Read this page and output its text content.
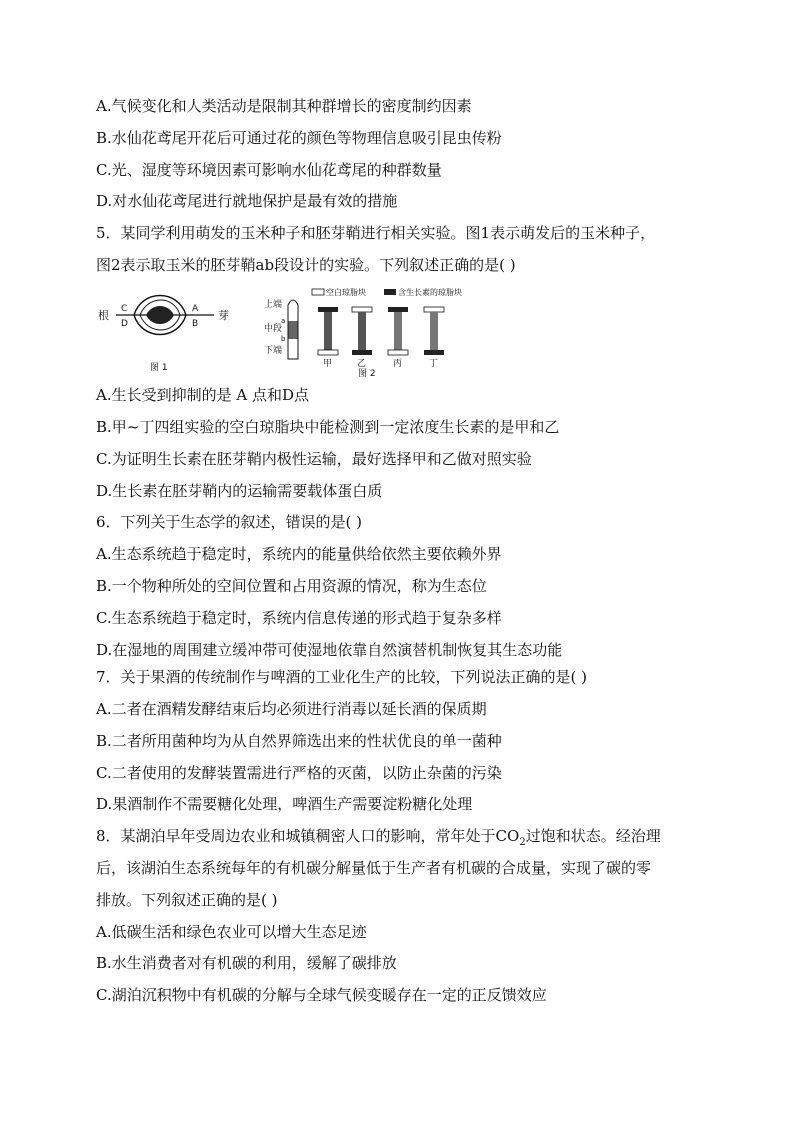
A.气候变化和人类活动是限制其种群增长的密度制约因素
B.水仙花鸢尾开花后可通过花的颜色等物理信息吸引昆虫传粉
C.光、湿度等环境因素可影响水仙花鸢尾的种群数量
D.对水仙花鸢尾进行就地保护是最有效的措施
5．某同学利用萌发的玉米种子和胚芽鞘进行相关实验。图1表示萌发后的玉米种子，
图2表示取玉米的胚芽鞘ab段设计的实验。下列叙述正确的是( )
根	芽
C
D
A
B
图 1
空白琼脂块	含生长素的琼脂块
上端
中段
下端
a
b
甲	乙	丙	丁
图 2
A.生长受到抑制的是 A 点和D点
B.甲~丁四组实验的空白琼脂块中能检测到一定浓度生长素的是甲和乙
C.为证明生长素在胚芽鞘内极性运输，最好选择甲和乙做对照实验
D.生长素在胚芽鞘内的运输需要载体蛋白质
6．下列关于生态学的叙述，错误的是( )
A.生态系统趋于稳定时，系统内的能量供给依然主要依赖外界
B.一个物种所处的空间位置和占用资源的情况，称为生态位
C.生态系统趋于稳定时，系统内信息传递的形式趋于复杂多样
D.在湿地的周围建立缓冲带可使湿地依靠自然演替机制恢复其生态功能
7．关于果酒的传统制作与啤酒的工业化生产的比较，下列说法正确的是( )
A.二者在酒精发酵结束后均必须进行消毒以延长酒的保质期
B.二者所用菌种均为从自然界筛选出来的性状优良的单一菌种
C.二者使用的发酵装置需进行严格的灭菌，以防止杂菌的污染
D.果酒制作不需要糖化处理，啤酒生产需要淀粉糖化处理
8．某湖泊早年受周边农业和城镇稠密人口的影响，常年处于$CO_2$过饱和状态。经治理
后，该湖泊生态系统每年的有机碳分解量低于生产者有机碳的合成量，实现了碳的零
排放。下列叙述正确的是( )
A.低碳生活和绿色农业可以增大生态足迹
B.水生消费者对有机碳的利用，缓解了碳排放
C.湖泊沉积物中有机碳的分解与全球气候变暖存在一定的正反馈效应
